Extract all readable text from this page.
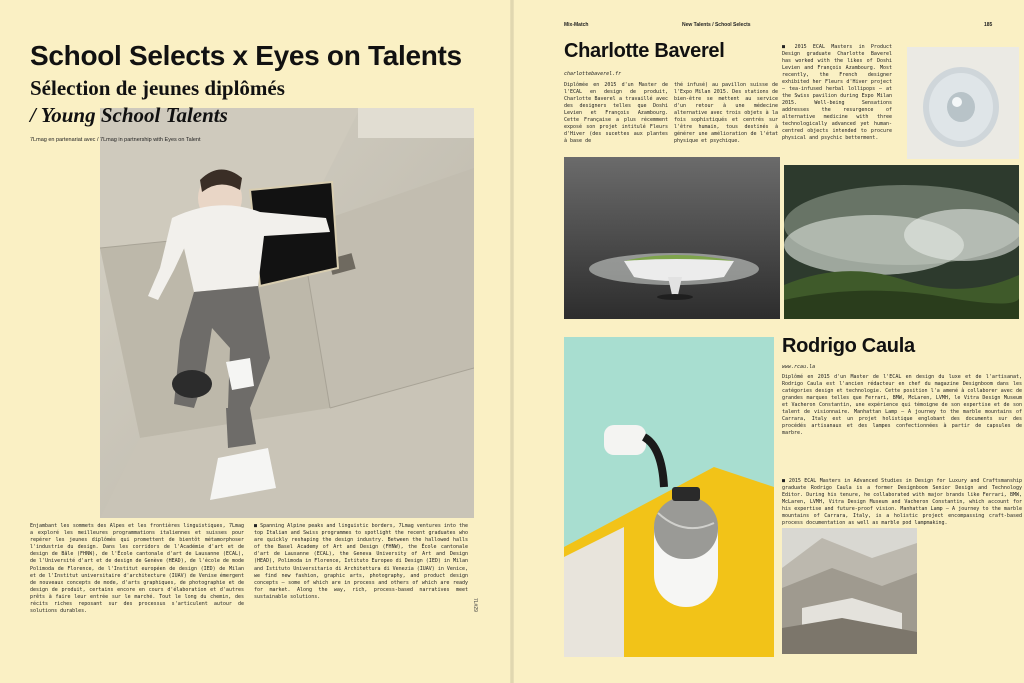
School Selects x Eyes on Talents
Sélection de jeunes diplômés
/ Young School Talents
7Lmag en partenariat avec / 7Lmag in partnership with Eyes on Talent
Enjambant les sommets des Alpes et les frontières linguistiques, 7Lmag a exploré les meilleures programmations italiennes et suisses pour repérer les jeunes diplômés qui promettent de bientôt métamorphoser l'industrie du design. Dans les corridors de l'Académie d'art et de design de Bâle (FHNW), de l'École cantonale d'art de Lausanne (ECAL), de l'Université d'art et de design de Genève (HEAD), de l'école de mode Polimoda de Florence, de l'Institut européen de design (IED) de Milan et de l'Institut universitaire d'architecture (IUAV) de Venise émergent de nouveaux concepts de mode, d'arts graphiques, de photographie et de design de produit, certains encore en cours d'élaboration et d'autres prêts à faire leur entrée sur le marché. Tout le long du chemin, des récits riches reposant sur des processus s'articulent autour de solutions durables.
■ Spanning Alpine peaks and linguistic borders, 7Lmag ventures into the top Italian and Swiss programmes to spotlight the recent graduates who are quickly reshaping the design industry. Between the hallowed halls of the Basel Academy of Art and Design (FHNW), the École cantonale d'art de Lausanne (ECAL), the Geneva University of Art and Design (HEAD), Polimoda in Florence, Istituto Europeo di Design (IED) in Milan and Istituto Universitario di Architettura di Venezia (IUAV) in Venice, we find new fashion, graphic arts, photography, and product design concepts – some of which are in process and others of which are ready for market. Along the way, rich, process-based narratives meet sustainable solutions.
7L#29
Mix-Match	New Talents / School Selects	185
Charlotte Baverel
charlottebaverel.fr
Diplômée en 2015 d'un Master de l'ECAL en design de produit, Charlotte Baverel a travaillé avec des designers telles que Doshi Levien et François Azambourg. Cette Française a plus récemment exposé son projet intitulé Fleurs d'Hiver (des sucettes aux plantes à base de
thé infusé) au pavillon suisse de l'Expo Milan 2015. Des stations de bien-être se mettent au service d'un retour à une médecine alternative avec trois objets à la fois sophistiqués et centrés sur l'être humain, tous destinés à générer une amélioration de l'état physique et psychique.
■ 2015 ECAL Masters in Product Design graduate Charlotte Baverel has worked with the likes of Doshi Levien and François Azambourg. Most recently, the French designer exhibited her Fleurs d'Hiver project – tea-infused herbal lollipops – at the Swiss pavilion during Expo Milan 2015. Well-being Sensations addresses the resurgence of alternative medicine with three technologically advanced yet human-centred objects intended to procure physical and psychic betterment.
Rodrigo Caula
www.rcau.la
Diplômé en 2015 d'un Master de l'ECAL en design du luxe et de l'artisanat, Rodrigo Caula est l'ancien rédacteur en chef du magazine Designboom dans les catégories design et technologie. Cette position l'a amené à collaborer avec de grandes marques telles que Ferrari, BMW, McLaren, LVMH, le Vitra Design Museum et Vacheron Constantin, une expérience qui témoigne de son expertise et de son talent de visionnaire. Manhattan Lamp – A journey to the marble mountains of Carrara, Italy est un projet holistique englobant des documents sur des procédés artisanaux et des lampes confectionnées à partir de capsules de marbre.
■ 2015 ECAL Masters in Advanced Studies in Design for Luxury and Craftsmanship graduate Rodrigo Caula is a former Designboom Senior Design and Technology Editor. During his tenure, he collaborated with major brands like Ferrari, BMW, McLaren, LVMH, Vitra Design Museum and Vacheron Constantin, which account for his expertise and future-proof vision. Manhattan Lamp – A journey to the marble mountains of Carrara, Italy, is a holistic project encompassing craft-based process documentation as well as marble pod lampmaking.
